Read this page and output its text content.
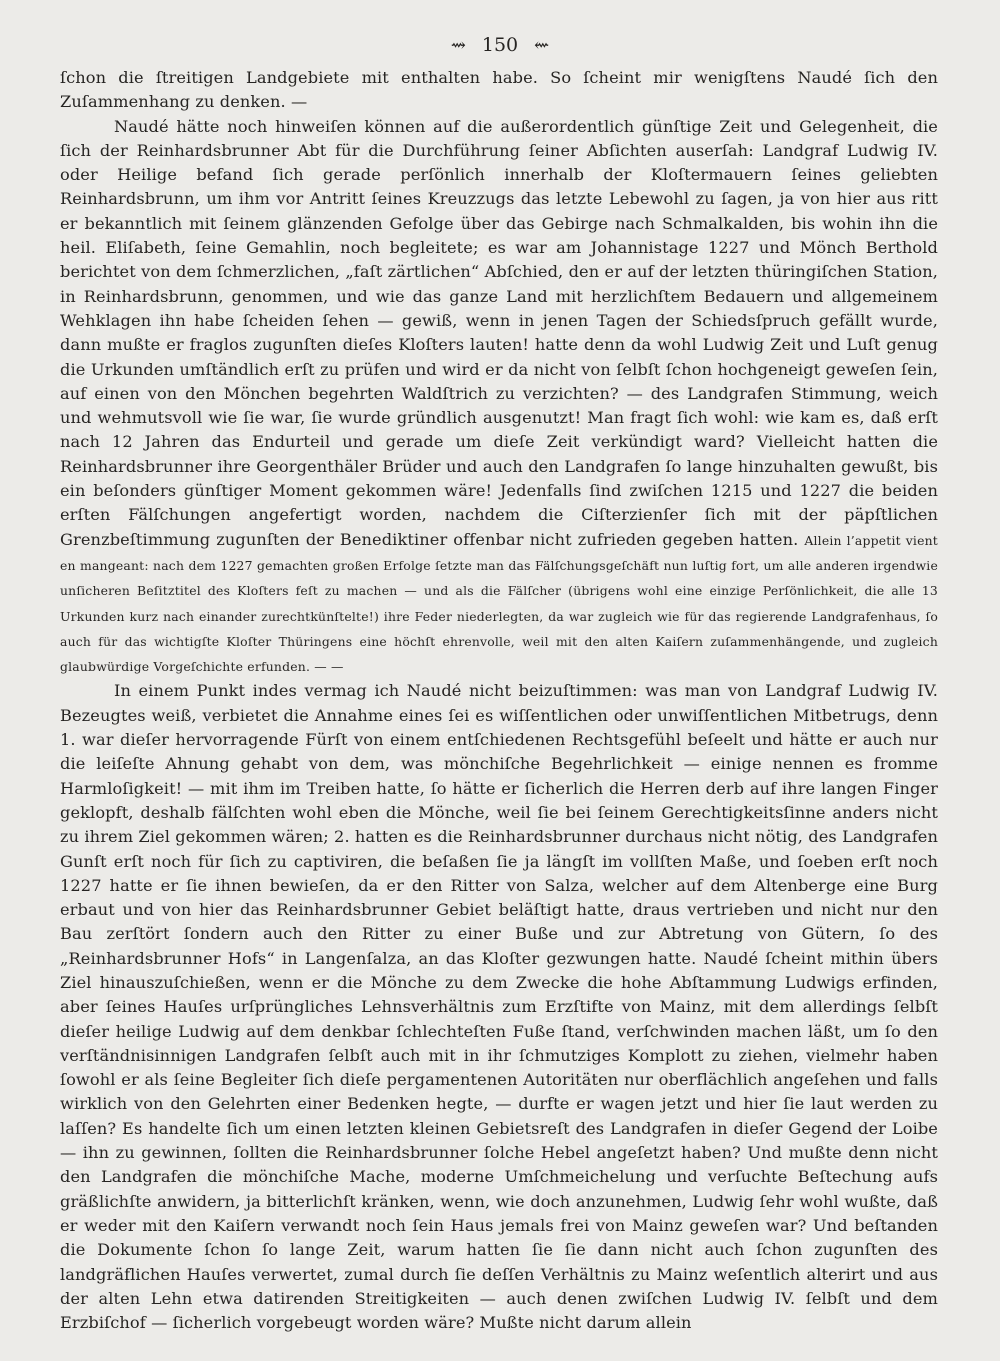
⇝ 150 ⇜

ſchon die ſtreitigen Landgebiete mit enthalten habe. So ſcheint mir wenigſtens Naudé ſich den Zuſammenhang zu denken. —

Naudé hätte noch hinweiſen können auf die außerordentlich günſtige Zeit und Gelegenheit, die ſich der Reinhardsbrunner Abt für die Durchführung ſeiner Abſichten auserſah: Landgraf Ludwig IV. oder Heilige befand ſich gerade perſönlich innerhalb der Kloſtermauern ſeines geliebten Reinhardsbrunn, um ihm vor Antritt ſeines Kreuzzugs das letzte Lebewohl zu ſagen, ja von hier aus ritt er bekanntlich mit ſeinem glänzenden Gefolge über das Gebirge nach Schmalkalden, bis wohin ihn die heil. Eliſabeth, ſeine Gemahlin, noch begleitete; es war am Johannistage 1227 und Mönch Berthold berichtet von dem ſchmerzlichen, „faſt zärtlichen“ Abſchied, den er auf der letzten thüringiſchen Station, in Reinhardsbrunn, genommen, und wie das ganze Land mit herzlichſtem Bedauern und allgemeinem Wehklagen ihn habe ſcheiden ſehen — gewiß, wenn in jenen Tagen der Schiedsſpruch gefällt wurde, dann mußte er fraglos zugunſten dieſes Kloſters lauten! hatte denn da wohl Ludwig Zeit und Luſt genug die Urkunden umſtändlich erſt zu prüfen und wird er da nicht von ſelbſt ſchon hochgeneigt geweſen ſein, auf einen von den Mönchen begehrten Waldſtrich zu verzichten? — des Landgrafen Stimmung, weich und wehmutsvoll wie ſie war, ſie wurde gründlich ausgenutzt! Man fragt ſich wohl: wie kam es, daß erſt nach 12 Jahren das Endurteil und gerade um dieſe Zeit verkündigt ward? Vielleicht hatten die Reinhardsbrunner ihre Georgenthäler Brüder und auch den Landgrafen ſo lange hinzuhalten gewußt, bis ein beſonders günſtiger Moment gekommen wäre! Jedenfalls ſind zwiſchen 1215 und 1227 die beiden erſten Fälſchungen angefertigt worden, nachdem die Ciſterzienſer ſich mit der päpſtlichen Grenzbeſtimmung zugunſten der Benediktiner offenbar nicht zufrieden gegeben hatten. Allein l’appetit vient en mangeant: nach dem 1227 gemachten großen Erfolge ſetzte man das Fälſchungsgeſchäft nun luſtig fort, um alle anderen irgendwie unſicheren Beſitztitel des Kloſters feſt zu machen — und als die Fälſcher (übrigens wohl eine einzige Perſönlichkeit, die alle 13 Urkunden kurz nach einander zurechtkünſtelte!) ihre Feder niederlegten, da war zugleich wie für das regierende Landgrafenhaus, ſo auch für das wichtigſte Kloſter Thüringens eine höchſt ehrenvolle, weil mit den alten Kaiſern zuſammenhängende, und zugleich glaubwürdige Vorgeſchichte erfunden. — —

In einem Punkt indes vermag ich Naudé nicht beizuſtimmen: was man von Landgraf Ludwig IV. Bezeugtes weiß, verbietet die Annahme eines ſei es wiſſentlichen oder unwiſſentlichen Mitbetrugs, denn 1. war dieſer hervorragende Fürſt von einem entſchiedenen Rechtsgefühl beſeelt und hätte er auch nur die leiſeſte Ahnung gehabt von dem, was mönchiſche Begehrlichkeit — einige nennen es fromme Harmloſigkeit! — mit ihm im Treiben hatte, ſo hätte er ſicherlich die Herren derb auf ihre langen Finger geklopft, deshalb fälſchten wohl eben die Mönche, weil ſie bei ſeinem Gerechtigkeitsſinne anders nicht zu ihrem Ziel gekommen wären; 2. hatten es die Reinhardsbrunner durchaus nicht nötig, des Landgrafen Gunſt erſt noch für ſich zu captiviren, die beſaßen ſie ja längſt im vollſten Maße, und ſoeben erſt noch 1227 hatte er ſie ihnen bewieſen, da er den Ritter von Salza, welcher auf dem Altenberge eine Burg erbaut und von hier das Reinhardsbrunner Gebiet beläſtigt hatte, draus vertrieben und nicht nur den Bau zerſtört ſondern auch den Ritter zu einer Buße und zur Abtretung von Gütern, ſo des „Reinhardsbrunner Hofs“ in Langenſalza, an das Kloſter gezwungen hatte. Naudé ſcheint mithin übers Ziel hinauszuſchießen, wenn er die Mönche zu dem Zwecke die hohe Abſtammung Ludwigs erfinden, aber ſeines Hauſes urſprüngliches Lehnsverhältnis zum Erzſtifte von Mainz, mit dem allerdings ſelbſt dieſer heilige Ludwig auf dem denkbar ſchlechteſten Fuße ſtand, verſchwinden machen läßt, um ſo den verſtändnisinnigen Landgrafen ſelbſt auch mit in ihr ſchmutziges Komplott zu ziehen, vielmehr haben ſowohl er als ſeine Begleiter ſich dieſe pergamentenen Autoritäten nur oberflächlich angeſehen und falls wirklich von den Gelehrten einer Bedenken hegte, — durfte er wagen jetzt und hier ſie laut werden zu laſſen? Es handelte ſich um einen letzten kleinen Gebietsreſt des Landgrafen in dieſer Gegend der Loibe — ihn zu gewinnen, ſollten die Reinhardsbrunner ſolche Hebel angeſetzt haben? Und mußte denn nicht den Landgrafen die mönchiſche Mache, moderne Umſchmeichelung und verſuchte Beſtechung aufs gräßlichſte anwidern, ja bitterlichſt kränken, wenn, wie doch anzunehmen, Ludwig ſehr wohl wußte, daß er weder mit den Kaiſern verwandt noch ſein Haus jemals frei von Mainz geweſen war? Und beſtanden die Dokumente ſchon ſo lange Zeit, warum hatten ſie ſie dann nicht auch ſchon zugunſten des landgräflichen Hauſes verwertet, zumal durch ſie deſſen Verhältnis zu Mainz weſentlich alterirt und aus der alten Lehn etwa datirenden Streitigkeiten — auch denen zwiſchen Ludwig IV. ſelbſt und dem Erzbiſchof — ſicherlich vorgebeugt worden wäre? Mußte nicht darum allein
